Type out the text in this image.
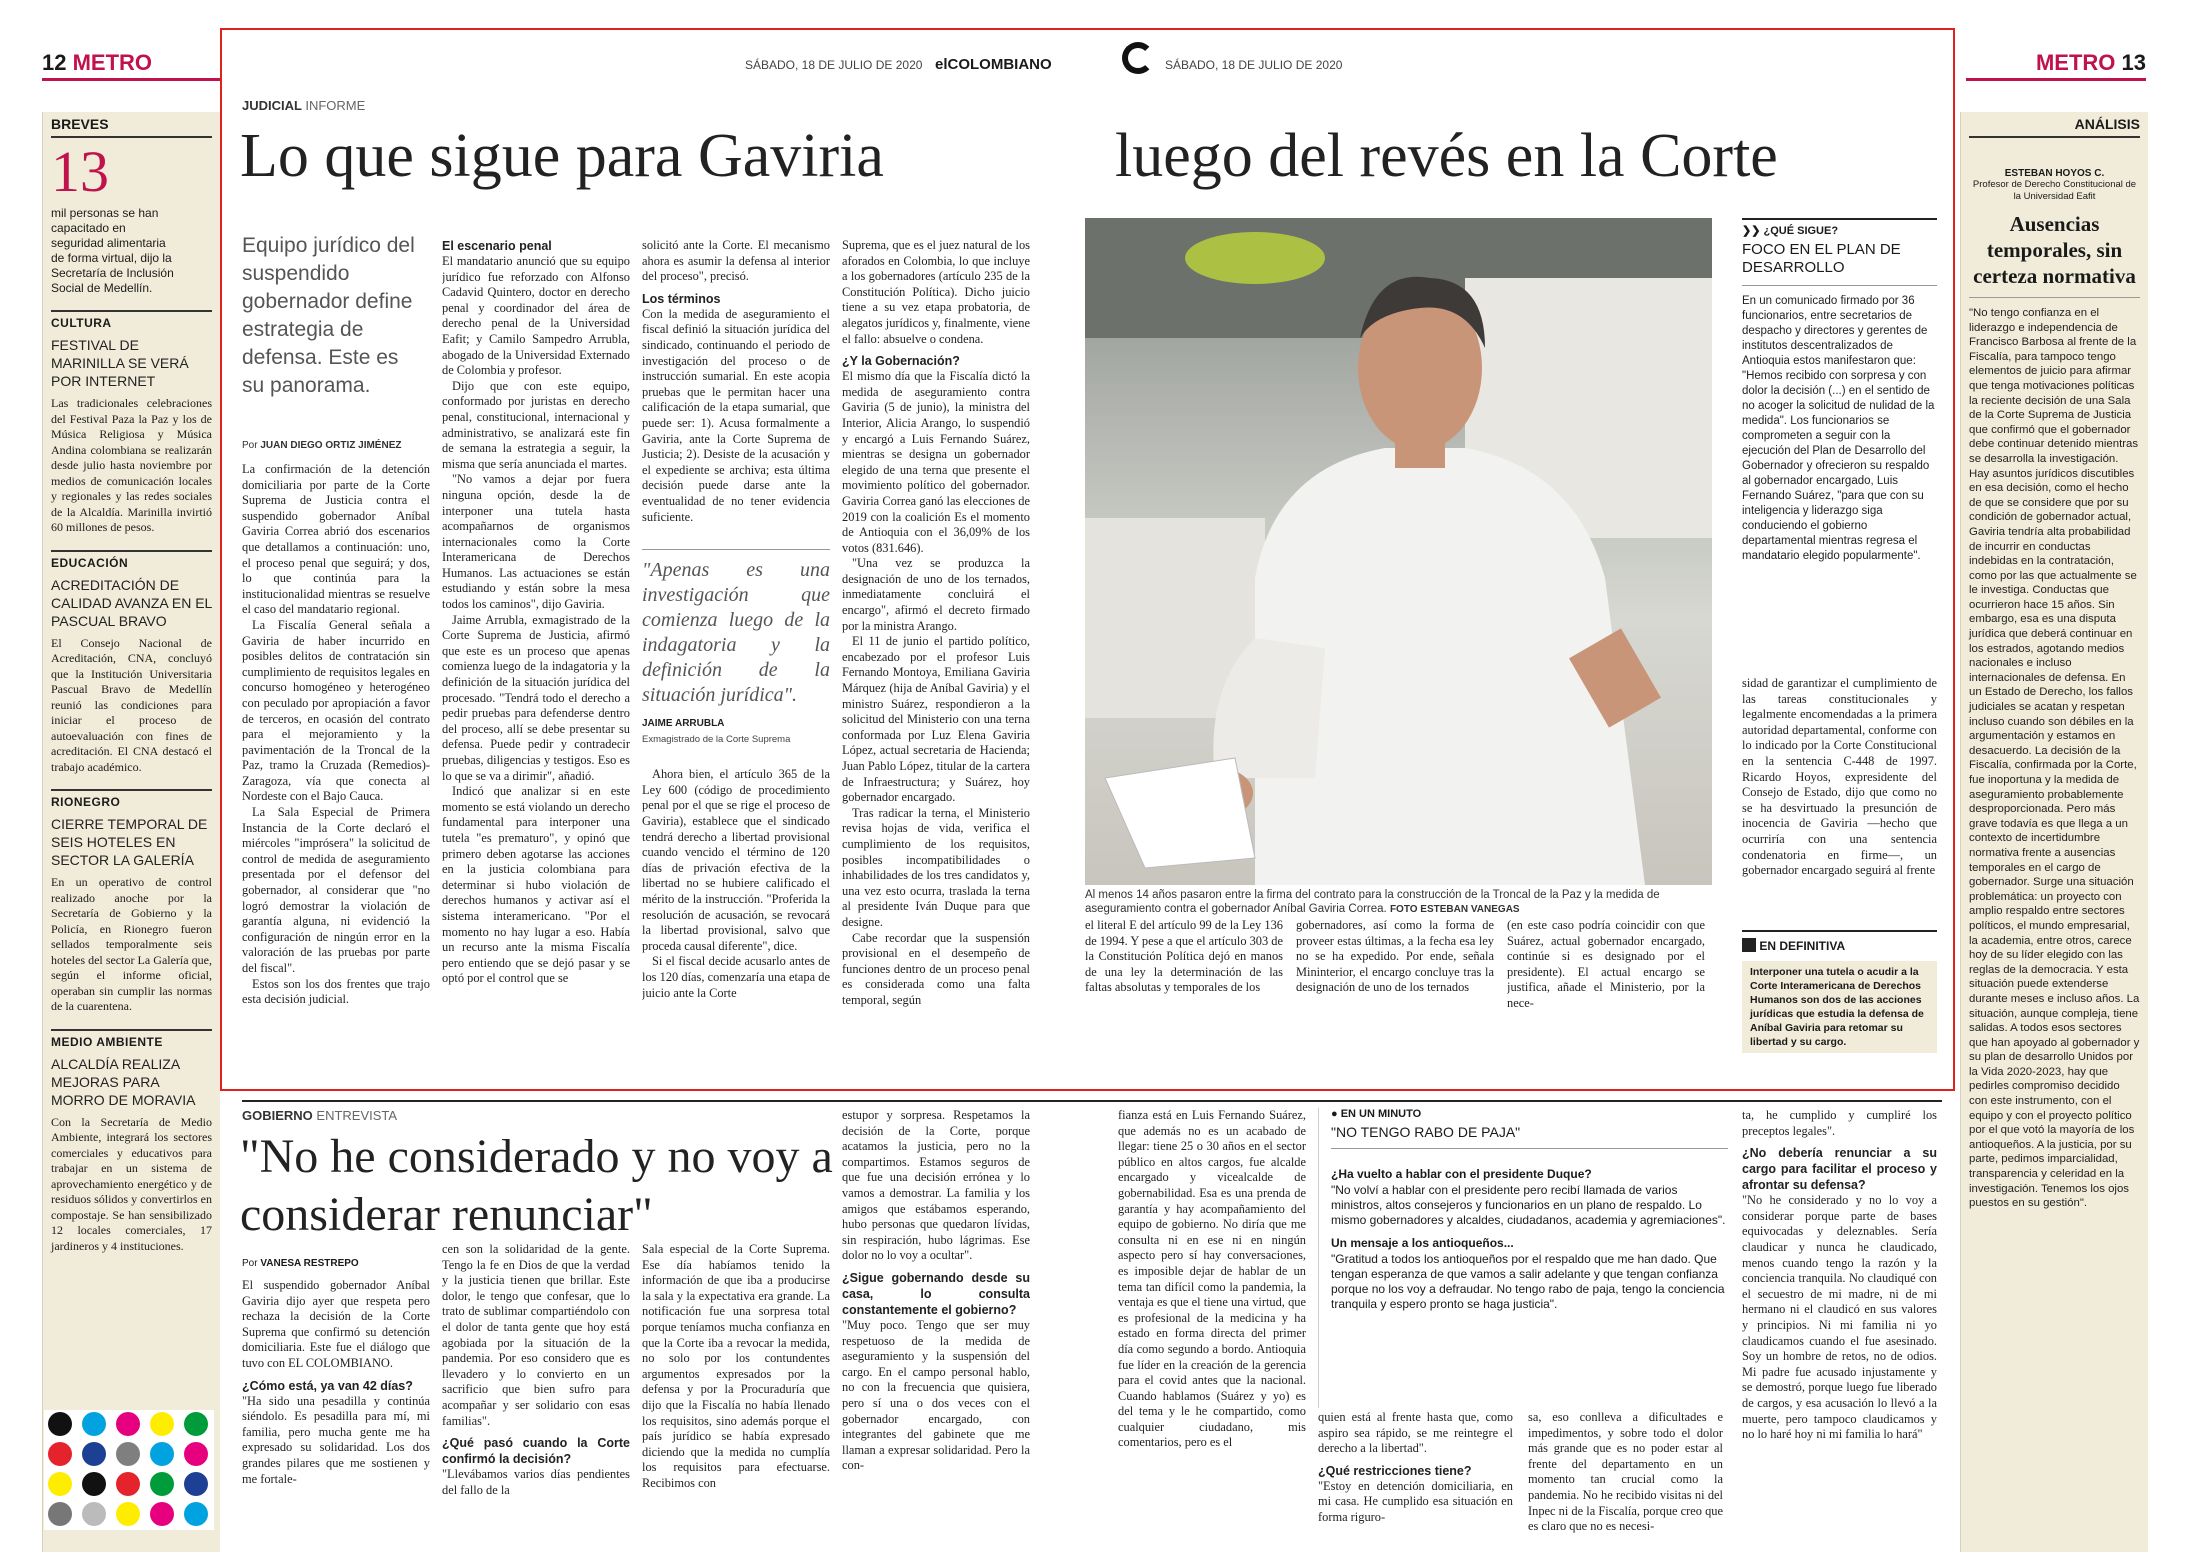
12 METRO	METRO 13
SÁBADO, 18 DE JULIO DE 2020 elCOLOMBIANO	SÁBADO, 18 DE JULIO DE 2020
BREVES
13
mil personas se han capacitado en seguridad alimentaria de forma virtual, dijo la Secretaría de Inclusión Social de Medellín.
CULTURA
FESTIVAL DE MARINILLA SE VERÁ POR INTERNET
Las tradicionales celebraciones del Festival Paza la Paz y los de Música Religiosa y Música Andina colombiana se realizarán desde julio hasta noviembre por medios de comunicación locales y regionales y las redes sociales de la Alcaldía. Marinilla invirtió 60 millones de pesos.
EDUCACIÓN
ACREDITACIÓN DE CALIDAD AVANZA EN EL PASCUAL BRAVO
El Consejo Nacional de Acreditación, CNA, concluyó que la Institución Universitaria Pascual Bravo de Medellín reunió las condiciones para iniciar el proceso de autoevaluación con fines de acreditación. El CNA destacó el trabajo académico.
RIONEGRO
CIERRE TEMPORAL DE SEIS HOTELES EN SECTOR LA GALERÍA
En un operativo de control realizado anoche por la Secretaría de Gobierno y la Policía, en Rionegro fueron sellados temporalmente seis hoteles del sector La Galería que, según el informe oficial, operaban sin cumplir las normas de la cuarentena.
MEDIO AMBIENTE
ALCALDÍA REALIZA MEJORAS PARA MORRO DE MORAVIA
Con la Secretaría de Medio Ambiente, integrará los sectores comerciales y educativos para trabajar en un sistema de aprovechamiento energético y de residuos sólidos y convertirlos en compostaje. Se han sensibilizado 12 locales comerciales, 17 jardineros y 4 instituciones.
JUDICIAL INFORME
Lo que sigue para Gaviria	luego del revés en la Corte
Equipo jurídico del suspendido gobernador define estrategia de defensa. Este es su panorama.
Por JUAN DIEGO ORTIZ JIMÉNEZ

La confirmación de la detención domiciliaria por parte de la Corte Suprema de Justicia contra el suspendido gobernador Aníbal Gaviria Correa abrió dos escenarios que detallamos a continuación: uno, el proceso penal que seguirá; y dos, lo que continúa para la institucionalidad mientras se resuelve el caso del mandatario regional.

La Fiscalía General señala a Gaviria de haber incurrido en posibles delitos de contratación sin cumplimiento de requisitos legales en concurso homogéneo y heterogéneo con peculado por apropiación a favor de terceros, en ocasión del contrato para el mejoramiento y la pavimentación de la Troncal de la Paz, tramo la Cruzada (Remedios)-Zaragoza, vía que conecta al Nordeste con el Bajo Cauca.

La Sala Especial de Primera Instancia de la Corte declaró el miércoles "imprósera" la solicitud de control de medida de aseguramiento presentada por el defensor del gobernador, al considerar que "no logró demostrar la violación de garantía alguna, ni evidenció la configuración de ningún error en la valoración de las pruebas por parte del fiscal".

Estos son los dos frentes que trajo esta decisión judicial.

El escenario penal

El mandatario anunció que su equipo jurídico fue reforzado con Alfonso Cadavid Quintero, doctor en derecho penal y coordinador del área de derecho penal de la Universidad Eafit; y Camilo Sampedro Arrubla, abogado de la Universidad Externado de Colombia y profesor.

Dijo que con este equipo, conformado por juristas en derecho penal, constitucional, internacional y administrativo, se analizará este fin de semana la estrategia a seguir, la misma que sería anunciada el martes.

"No vamos a dejar por fuera ninguna opción, desde la de interponer una tutela hasta acompañarnos de organismos internacionales como la Corte Interamericana de Derechos Humanos. Las actuaciones se están estudiando y están sobre la mesa todos los caminos", dijo Gaviria.

Jaime Arrubla, exmagistrado de la Corte Suprema de Justicia, afirmó que este es un proceso que apenas comienza luego de la indagatoria y la definición de la situación jurídica del procesado. "Tendrá todo el derecho a pedir pruebas para defenderse dentro del proceso, allí se debe presentar su defensa. Puede pedir y contradecir pruebas, diligencias y testigos. Eso es lo que se va a dirimir", añadió.

Indicó que analizar si en este momento se está violando un derecho fundamental para interponer una tutela "es prematuro", y opinó que primero deben agotarse las acciones en la justicia colombiana para determinar si hubo violación de derechos humanos y activar así el sistema interamericano. "Por el momento no hay lugar a eso. Había un recurso ante la misma Fiscalía pero entiendo que se dejó pasar y se optó por el control que se

solicitó ante la Corte. El mecanismo ahora es asumir la defensa al interior del proceso", precisó.

Los términos

Con la medida de aseguramiento el fiscal definió la situación jurídica del sindicado, continuando el periodo de investigación del proceso o de instrucción sumarial. En este acopia pruebas que le permitan hacer una calificación de la etapa sumarial, que puede ser: 1). Acusa formalmente a Gaviria, ante la Corte Suprema de Justicia; 2). Desiste de la acusación y el expediente se archiva; esta última decisión puede darse ante la eventualidad de no tener evidencia suficiente.

"Apenas es una investigación que comienza luego de la indagatoria y la definición de la situación jurídica".
JAIME ARRUBLA
Exmagistrado de la Corte Suprema

Ahora bien, el artículo 365 de la Ley 600 (código de procedimiento penal por el que se rige el proceso de Gaviria), establece que el sindicado tendrá derecho a libertad provisional cuando vencido el término de 120 días de privación efectiva de la libertad no se hubiere calificado el mérito de la instrucción. "Proferida la resolución de acusación, se revocará la libertad provisional, salvo que proceda causal diferente", dice.

Si el fiscal decide acusarlo antes de los 120 días, comenzaría una etapa de juicio ante la Corte

Suprema, que es el juez natural de los aforados en Colombia, lo que incluye a los gobernadores (artículo 235 de la Constitución Política). Dicho juicio tiene a su vez etapa probatoria, de alegatos jurídicos y, finalmente, viene el fallo: absuelve o condena.

¿Y la Gobernación?

El mismo día que la Fiscalía dictó la medida de aseguramiento contra Gaviria (5 de junio), la ministra del Interior, Alicia Arango, lo suspendió y encargó a Luis Fernando Suárez, mientras se designa un gobernador elegido de una terna que presente el movimiento político del gobernador. Gaviria Correa ganó las elecciones de 2019 con la coalición Es el momento de Antioquia con el 36,09% de los votos (831.646).

"Una vez se produzca la designación de uno de los ternados, inmediatamente concluirá el encargo", afirmó el decreto firmado por la ministra Arango.

El 11 de junio el partido político, encabezado por el profesor Luis Fernando Montoya, Emiliana Gaviria Márquez (hija de Aníbal Gaviria) y el ministro Suárez, respondieron a la solicitud del Ministerio con una terna conformada por Luz Elena Gaviria López, actual secretaria de Hacienda; Juan Pablo López, titular de la cartera de Infraestructura; y Suárez, hoy gobernador encargado.

Tras radicar la terna, el Ministerio revisa hojas de vida, verifica el cumplimiento de los requisitos, posibles incompatibilidades o inhabilidades de los tres candidatos y, una vez esto ocurra, traslada la terna al presidente Iván Duque para que designe.

Cabe recordar que la suspensión provisional en el desempeño de funciones dentro de un proceso penal es considerada como una falta temporal, según

Al menos 14 años pasaron entre la firma del contrato para la construcción de la Troncal de la Paz y la medida de aseguramiento contra el gobernador Aníbal Gaviria Correa. FOTO ESTEBAN VANEGAS

el literal E del artículo 99 de la Ley 136 de 1994. Y pese a que el artículo 303 de la Constitución Política dejó en manos de una ley la determinación de las faltas absolutas y temporales de los

gobernadores, así como la forma de proveer estas últimas, a la fecha esa ley no se ha expedido. Por ende, señala Mininterior, el encargo concluye tras la designación de uno de los ternados

(en este caso podría coincidir con que Suárez, actual gobernador encargado, continúe si es designado por el presidente). El actual encargo se justifica, añade el Ministerio, por la nece-

❯❯ ¿QUÉ SIGUE?
FOCO EN EL PLAN DE DESARROLLO
En un comunicado firmado por 36 funcionarios, entre secretarios de despacho y directores y gerentes de institutos descentralizados de Antioquia estos manifestaron que: "Hemos recibido con sorpresa y con dolor la decisión (...) en el sentido de no acoger la solicitud de nulidad de la medida". Los funcionarios se comprometen a seguir con la ejecución del Plan de Desarrollo del Gobernador y ofrecieron su respaldo al gobernador encargado, Luis Fernando Suárez, "para que con su inteligencia y liderazgo siga conduciendo el gobierno departamental mientras regresa el mandatario elegido popularmente".

sidad de garantizar el cumplimiento de las tareas constitucionales y legalmente encomendadas a la primera autoridad departamental, conforme con lo indicado por la Corte Constitucional en la sentencia C-448 de 1997. Ricardo Hoyos, expresidente del Consejo de Estado, dijo que como no se ha desvirtuado la presunción de inocencia de Gaviria —hecho que ocurriría con una sentencia condenatoria en firme—, un gobernador encargado seguirá al frente

EN DEFINITIVA
Interponer una tutela o acudir a la Corte Interamericana de Derechos Humanos son dos de las acciones jurídicas que estudia la defensa de Aníbal Gaviria para retomar su libertad y su cargo.
ANÁLISIS
ESTEBAN HOYOS C.
Profesor de Derecho Constitucional de la Universidad Eafit
Ausencias temporales, sin certeza normativa
"No tengo confianza en el liderazgo e independencia de Francisco Barbosa al frente de la Fiscalía, para tampoco tengo elementos de juicio para afirmar que tenga motivaciones políticas la reciente decisión de una Sala de la Corte Suprema de Justicia que confirmó que el gobernador debe continuar detenido mientras se desarrolla la investigación. Hay asuntos jurídicos discutibles en esa decisión, como el hecho de que se considere que por su condición de gobernador actual, Gaviria tendría alta probabilidad de incurrir en conductas indebidas en la contratación, como por las que actualmente se le investiga. Conductas que ocurrieron hace 15 años. Sin embargo, esa es una disputa jurídica que deberá continuar en los estrados, agotando medios nacionales e incluso internacionales de defensa. En un Estado de Derecho, los fallos judiciales se acatan y respetan incluso cuando son débiles en la argumentación y estamos en desacuerdo. La decisión de la Fiscalía, confirmada por la Corte, fue inoportuna y la medida de aseguramiento probablemente desproporcionada. Pero más grave todavía es que llega a un contexto de incertidumbre normativa frente a ausencias temporales en el cargo de gobernador. Surge una situación problemática: un proyecto con amplio respaldo entre sectores políticos, el mundo empresarial, la academia, entre otros, carece hoy de su líder elegido con las reglas de la democracia. Y esta situación puede extenderse durante meses e incluso años. La situación, aunque compleja, tiene salidas. A todos esos sectores que han apoyado al gobernador y su plan de desarrollo Unidos por la Vida 2020-2023, hay que pedirles compromiso decidido con este instrumento, con el equipo y con el proyecto político por el que votó la mayoría de los antioqueños. A la justicia, por su parte, pedimos imparcialidad, transparencia y celeridad en la investigación. Tenemos los ojos puestos en su gestión".
GOBIERNO ENTREVISTA
"No he considerado y no voy a considerar renunciar"
Por VANESA RESTREPO

El suspendido gobernador Aníbal Gaviria dijo ayer que respeta pero rechaza la decisión de la Corte Suprema que confirmó su detención domiciliaria. Este fue el diálogo que tuvo con EL COLOMBIANO.

¿Cómo está, ya van 42 días?

"Ha sido una pesadilla y continúa siéndolo. Es pesadilla para mí, mi familia, pero mucha gente me ha expresado su solidaridad. Los dos grandes pilares que me sostienen y me fortale-

cen son la solidaridad de la gente. Tengo la fe en Dios de que la verdad y la justicia tienen que brillar. Este dolor, le tengo que confesar, que lo trato de sublimar compartiéndolo con el dolor de tanta gente que hoy está agobiada por la situación de la pandemia. Por eso considero que es llevadero y lo convierto en un sacrificio que bien sufro para acompañar y ser solidario con esas familias".

¿Qué pasó cuando la Corte confirmó la decisión?

"Llevábamos varios días pendientes del fallo de la

Sala especial de la Corte Suprema. Ese día habíamos tenido la información de que iba a producirse la sala y la expectativa era grande. La notificación fue una sorpresa total porque teníamos mucha confianza en que la Corte iba a revocar la medida, no solo por los contundentes argumentos expresados por la defensa y por la Procuraduría que dijo que la Fiscalía no había llenado los requisitos, sino además porque el país jurídico se había expresado diciendo que la medida no cumplía los requisitos para efectuarse. Recibimos con

estupor y sorpresa. Respetamos la decisión de la Corte, porque acatamos la justicia, pero no la compartimos. Estamos seguros de que fue una decisión errónea y lo vamos a demostrar. La familia y los amigos que estábamos esperando, hubo personas que quedaron lívidas, sin respiración, hubo lágrimas. Ese dolor no lo voy a ocultar".

¿Sigue gobernando desde su casa, lo consulta constantemente el gobierno?

"Muy poco. Tengo que ser muy respetuoso de la medida de aseguramiento y la suspensión del cargo. En el campo personal hablo, no con la frecuencia que quisiera, pero sí una o dos veces con el gobernador encargado, con integrantes del gabinete que me llaman a expresar solidaridad. Pero la con-

fianza está en Luis Fernando Suárez, que además no es un acabado de llegar: tiene 25 o 30 años en el sector público en altos cargos, fue alcalde encargado y vicealcalde de gobernabilidad. Esa es una prenda de garantía y hay acompañamiento del equipo de gobierno. No diría que me consulta ni en ese ni en ningún aspecto pero sí hay conversaciones, es imposible dejar de hablar de un tema tan difícil como la pandemia, la ventaja es que el tiene una virtud, que es profesional de la medicina y ha estado en forma directa del primer día como segundo a bordo. Antioquia fue líder en la creación de la gerencia para el covid antes que la nacional. Cuando hablamos (Suárez y yo) es del tema y le he compartido, como cualquier ciudadano, mis comentarios, pero es el

● EN UN MINUTO
"NO TENGO RABO DE PAJA"
¿Ha vuelto a hablar con el presidente Duque?
"No volví a hablar con el presidente pero recibí llamada de varios ministros, altos consejeros y funcionarios en un plano de respaldo. Lo mismo gobernadores y alcaldes, ciudadanos, academia y agremiaciones".
Un mensaje a los antioqueños...
"Gratitud a todos los antioqueños por el respaldo que me han dado. Que tengan esperanza de que vamos a salir adelante y que tengan confianza porque no los voy a defraudar. No tengo rabo de paja, tengo la conciencia tranquila y espero pronto se haga justicia".

quien está al frente hasta que, como aspiro sea rápido, se me reintegre el derecho a la libertad".

¿Qué restricciones tiene?

"Estoy en detención domiciliaria, en mi casa. He cumplido esa situación en forma riguro-

sa, eso conlleva a dificultades e impedimentos, y sobre todo el dolor más grande que es no poder estar al frente del departamento en un momento tan crucial como la pandemia. No he recibido visitas ni del Inpec ni de la Fiscalía, porque creo que es claro que no es necesi-

ta, he cumplido y cumpliré los preceptos legales".

¿No debería renunciar a su cargo para facilitar el proceso y afrontar su defensa?

"No he considerado y no lo voy a considerar porque parte de bases equivocadas y deleznables. Sería claudicar y nunca he claudicado, menos cuando tengo la razón y la conciencia tranquila. No claudiqué con el secuestro de mi madre, ni de mi hermano ni el claudicó en sus valores y principios. Ni mi familia ni yo claudicamos cuando el fue asesinado. Soy un hombre de retos, no de odios. Mi padre fue acusado injustamente y se demostró, porque luego fue liberado de cargos, y esa acusación lo llevó a la muerte, pero tampoco claudicamos y no lo haré hoy ni mi familia lo hará"
